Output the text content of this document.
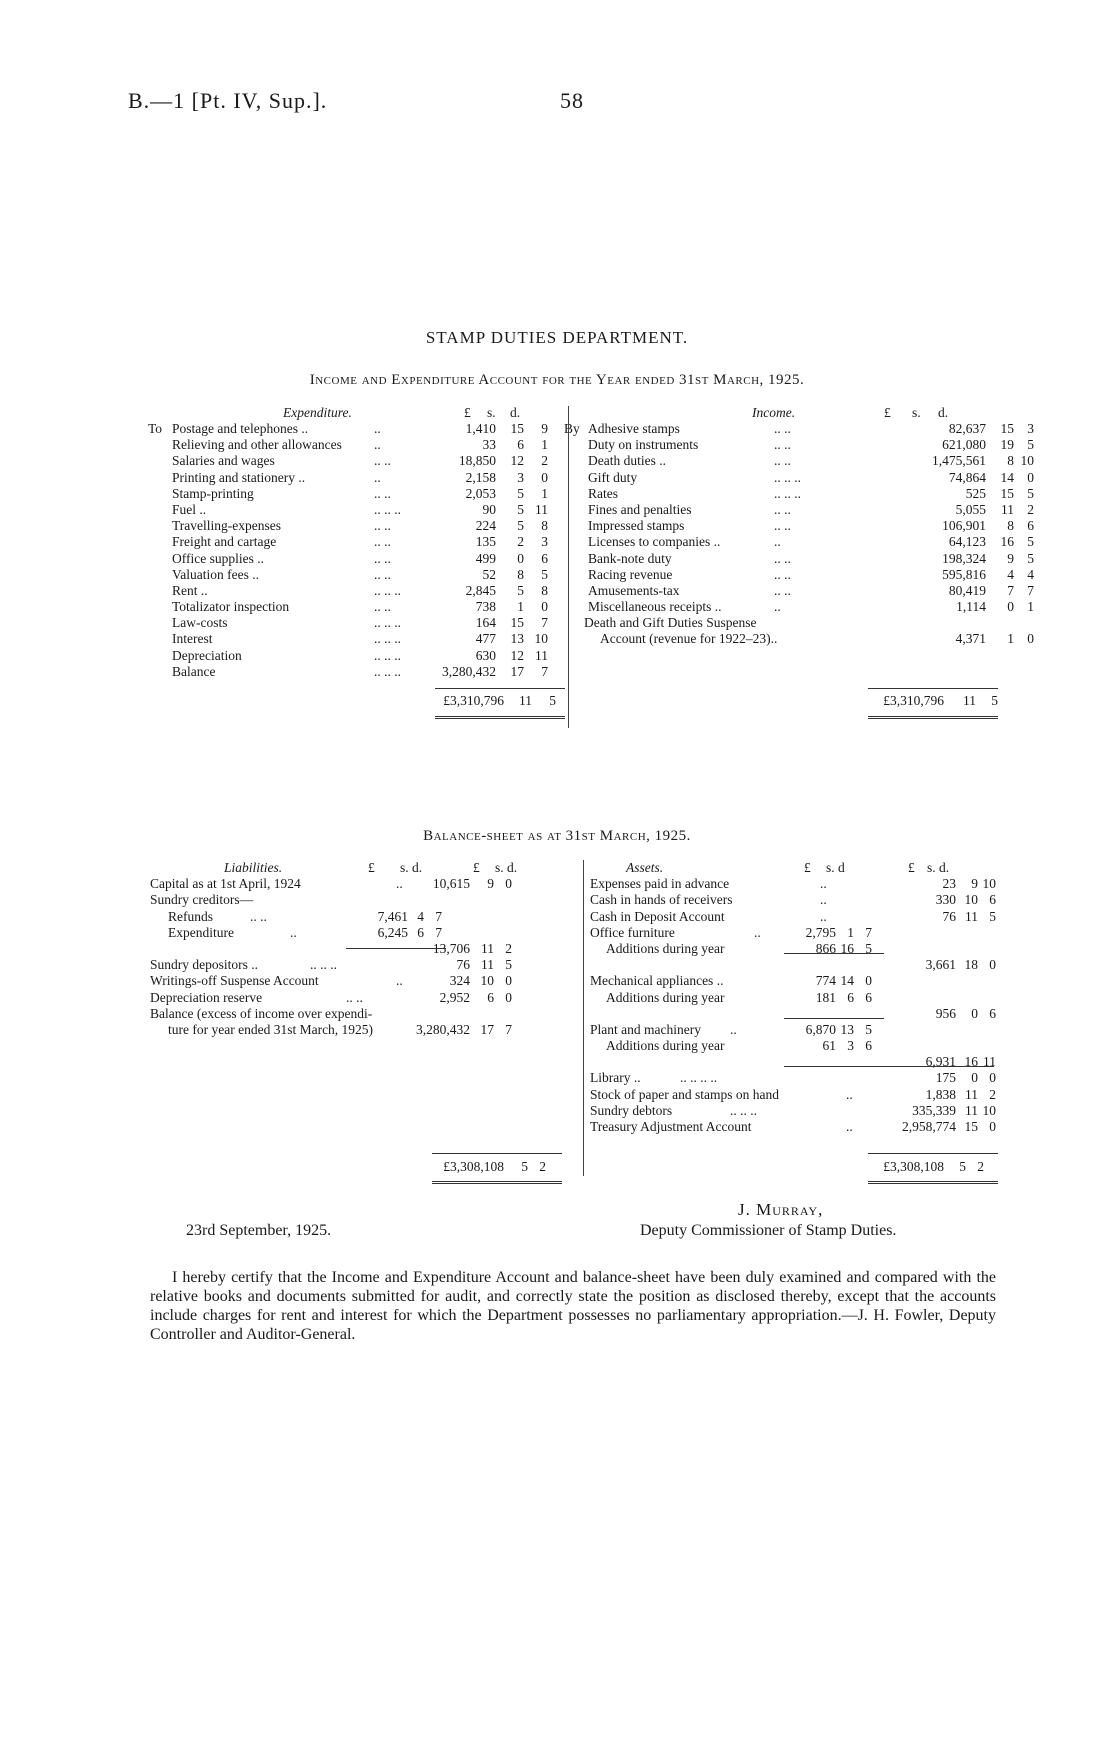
B.—1 [Pt. IV, Sup.].	58
STAMP DUTIES DEPARTMENT.
Income and Expenditure Account for the Year ended 31st March, 1925.
Expenditure.	£ s. d.	Income.	£ s. d.
To	By
Postage and telephones ..	..	1,410 15 9
Relieving and other allowances ..	33 6 1
Salaries and wages	.. ..	18,850 12 2
Printing and stationery ..	..	2,158 3 0
Stamp-printing	.. ..	2,053 5 1
Fuel ..	.. .. ..	90 5 11
Travelling-expenses	.. ..	224 5 8
Freight and cartage	.. ..	135 2 3
Office supplies ..	.. ..	499 0 6
Valuation fees ..	.. ..	52 8 5
Rent ..	.. .. ..	2,845 5 8
Totalizator inspection	.. ..	738 1 0
Law-costs	.. .. ..	164 15 7
Interest	.. .. ..	477 13 10
Depreciation	.. .. ..	630 12 11
Balance	.. .. ..	3,280,432 17 7
Adhesive stamps	.. ..	82,637 15 3
Duty on instruments	.. ..	621,080 19 5
Death duties ..	.. ..	1,475,561 8 10
Gift duty	.. .. ..	74,864 14 0
Rates	.. .. ..	525 15 5
Fines and penalties	.. ..	5,055 11 2
Impressed stamps	.. ..	106,901 8 6
Licenses to companies ..	..	64,123 16 5
Bank-note duty	.. ..	198,324 9 5
Racing revenue	.. ..	595,816 4 4
Amusements-tax	.. ..	80,419 7 7
Miscellaneous receipts ..	..	1,114 0 1
Death and Gift Duties Suspense
Account (revenue for 1922–23)..	4,371 1 0
£3,310,796 11 5	£3,310,796 11 5
Balance-sheet as at 31st March, 1925.
Liabilities.	£ s. d.	£ s. d.
Capital as at 1st April, 1924	.. 10,615 9 0
Sundry creditors—
Refunds	.. ..	7,461 4 7
Expenditure	..	6,245 6 7
13,706 11 2
Sundry depositors ..	.. .. ..	76 11 5
Writings-off Suspense Account	..	324 10 0
Depreciation reserve	.. ..	2,952 6 0
Balance (excess of income over expendi-
ture for year ended 31st March, 1925)	3,280,432 17 7
Assets.	£ s. d	£ s. d.
Expenses paid in advance	..	23 9 10
Cash in hands of receivers	..	330 10 6
Cash in Deposit Account	..	76 11 5
Office furniture	..	2,795 1 7
Additions during year	866 16 5
3,661 18 0
Mechanical appliances ..	774 14 0
Additions during year	181 6 6
956 0 6
Plant and machinery ..	6,870 13 5
Additions during year	61 3 6
6,931 16 11
Library ..	.. .. .. ..	175 0 0
Stock of paper and stamps on hand	..	1,838 11 2
Sundry debtors	.. .. ..	335,339 11 10
Treasury Adjustment Account	..	2,958,774 15 0
£3,308,108 5 2	£3,308,108 5 2
23rd September, 1925.
J. Murray,
Deputy Commissioner of Stamp Duties.
I hereby certify that the Income and Expenditure Account and balance-sheet have been duly examined and compared with the relative books and documents submitted for audit, and correctly state the position as disclosed thereby, except that the accounts include charges for rent and interest for which the Department possesses no parliamentary appropriation.—J. H. Fowler, Deputy Controller and Auditor-General.
